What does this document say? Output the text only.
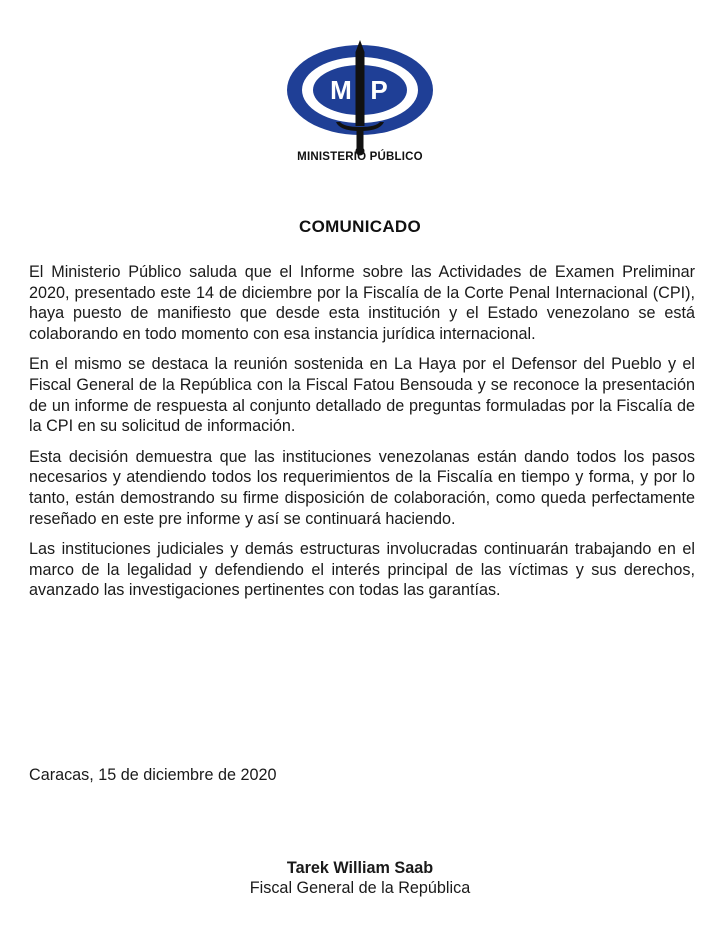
M P
MINISTERIO PÚBLICO
COMUNICADO

El Ministerio Público saluda que el Informe sobre las Actividades de Examen Preliminar 2020, presentado este 14 de diciembre por la Fiscalía de la Corte Penal Internacional (CPI), haya puesto de manifiesto que desde esta institución y el Estado venezolano se está colaborando en todo momento con esa instancia jurídica internacional.

En el mismo se destaca la reunión sostenida en La Haya por el Defensor del Pueblo y el Fiscal General de la República con la Fiscal Fatou Bensouda y se reconoce la presentación de un informe de respuesta al conjunto detallado de preguntas formuladas por la Fiscalía de la CPI en su solicitud de información.

Esta decisión demuestra que las instituciones venezolanas están dando todos los pasos necesarios y atendiendo todos los requerimientos de la Fiscalía en tiempo y forma, y por lo tanto, están demostrando su firme disposición de colaboración, como queda perfectamente reseñado en este pre informe y así se continuará haciendo.

Las instituciones judiciales y demás estructuras involucradas continuarán trabajando en el marco de la legalidad y defendiendo el interés principal de las víctimas y sus derechos, avanzado las investigaciones pertinentes con todas las garantías.

Caracas, 15 de diciembre de 2020
Tarek William Saab
Fiscal General de la República
